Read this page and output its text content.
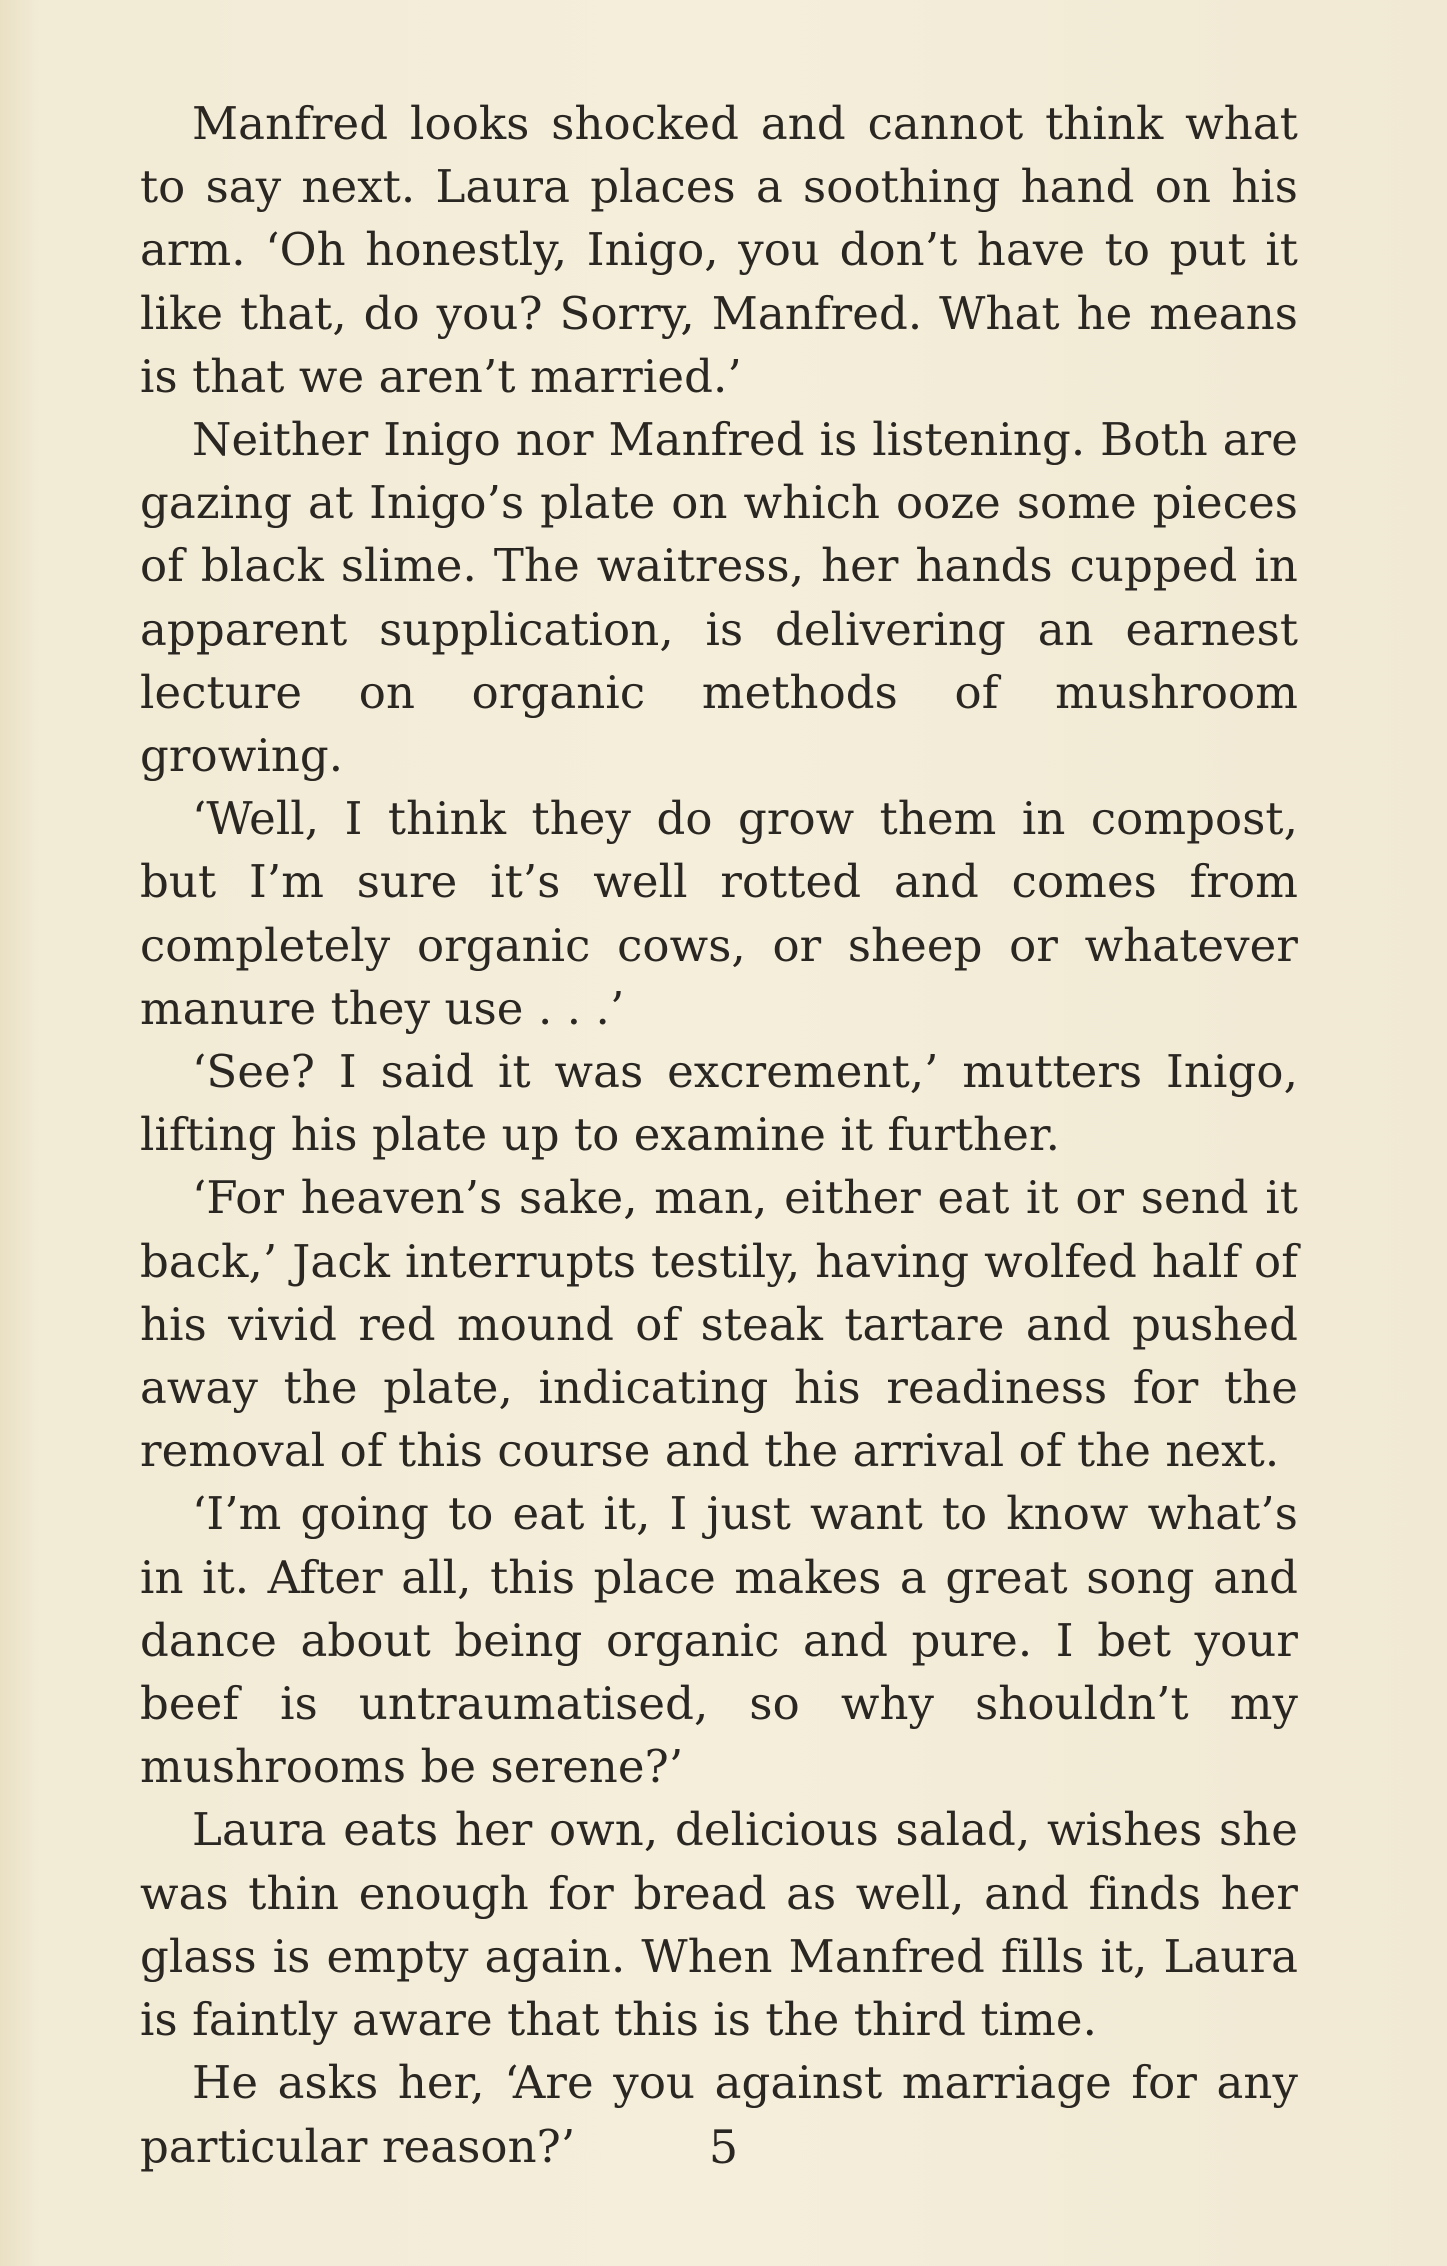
Manfred looks shocked and cannot think what to say next. Laura places a soothing hand on his arm. ‘Oh honestly, Inigo, you don’t have to put it like that, do you? Sorry, Manfred. What he means is that we aren’t married.’

Neither Inigo nor Manfred is listening. Both are gazing at Inigo’s plate on which ooze some pieces of black slime. The waitress, her hands cupped in apparent supplication, is delivering an earnest lecture on organic methods of mushroom growing.

‘Well, I think they do grow them in compost, but I’m sure it’s well rotted and comes from completely organic cows, or sheep or whatever manure they use . . .’

‘See? I said it was excrement,’ mutters Inigo, lifting his plate up to examine it further.

‘For heaven’s sake, man, either eat it or send it back,’ Jack interrupts testily, having wolfed half of his vivid red mound of steak tartare and pushed away the plate, indicating his readiness for the removal of this course and the arrival of the next.

‘I’m going to eat it, I just want to know what’s in it. After all, this place makes a great song and dance about being organic and pure. I bet your beef is untraumatised, so why shouldn’t my mushrooms be serene?’

Laura eats her own, delicious salad, wishes she was thin enough for bread as well, and finds her glass is empty again. When Manfred fills it, Laura is faintly aware that this is the third time.

He asks her, ‘Are you against marriage for any particular reason?’	5
